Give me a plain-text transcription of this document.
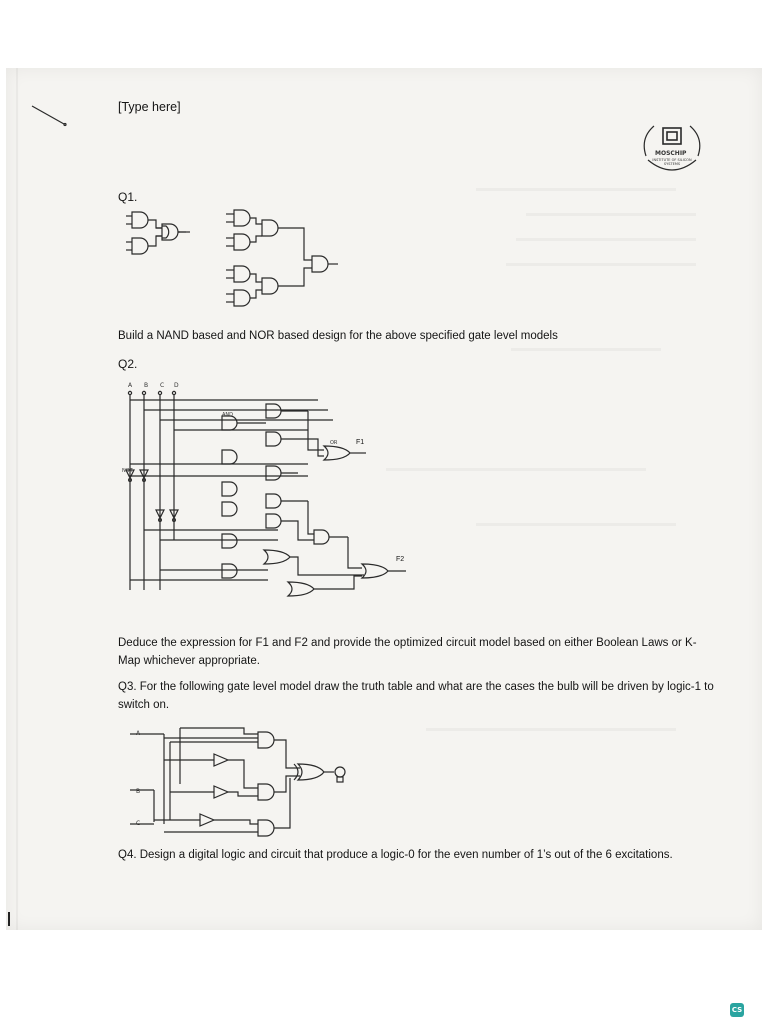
[Type here]
MOSCHIP
INSTITUTE OF SILICON SYSTEMS
Q1.
Build a NAND based and NOR based design for the above specified gate level models
Q2.
A B C D
F1
F2
AND
OR
NOT
Deduce the expression for F1 and F2 and provide the optimized circuit model based on either Boolean Laws or K-Map whichever appropriate.
Q3. For the following gate level model draw the truth table and what are the cases the bulb will be driven by logic-1 to switch on.
A
B
C
Q4. Design a digital logic and circuit that produce a logic-0 for the even number of 1’s out of the 6 excitations.
CS
